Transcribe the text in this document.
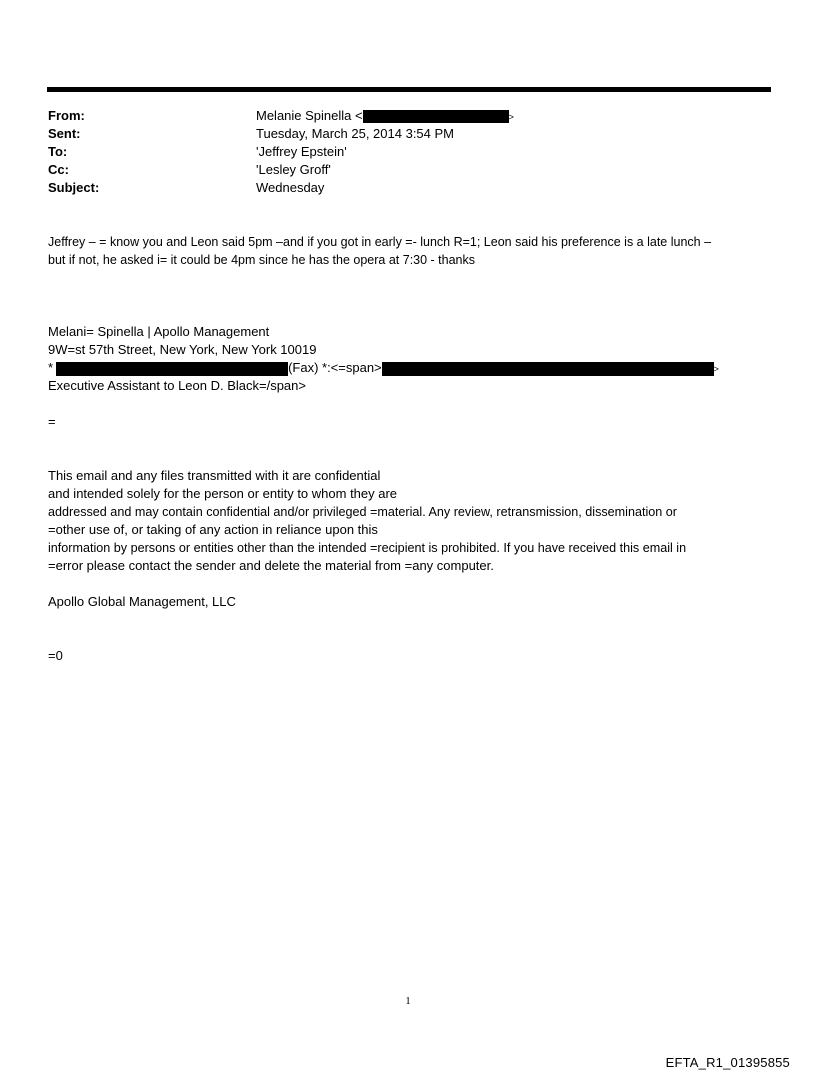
From:	Melanie Spinella <	>
Sent:	Tuesday, March 25, 2014 3:54 PM
To:	'Jeffrey Epstein'
Cc:	'Lesley Groff'
Subject:	Wednesday
Jeffrey – = know you and Leon said 5pm –and if you got in early =- lunch R=1; Leon said his preference is a late lunch –
but if not, he asked i= it could be 4pm since he has the opera at 7:30 - thanks
Melani= Spinella | Apollo Management
9W=st 57th Street, New York, New York 10019
*	(Fax) *:<=span>	>
Executive Assistant to Leon D. Black=/span>
=
This email and any files transmitted with it are confidential
and intended solely for the person or entity to whom they are
addressed and may contain confidential and/or privileged =material. Any review, retransmission, dissemination or
=other use of, or taking of any action in reliance upon this
information by persons or entities other than the intended =recipient is prohibited. If you have received this email in
=error please contact the sender and delete the material from =any computer.
Apollo Global Management, LLC
=0
1
EFTA_R1_01395855
